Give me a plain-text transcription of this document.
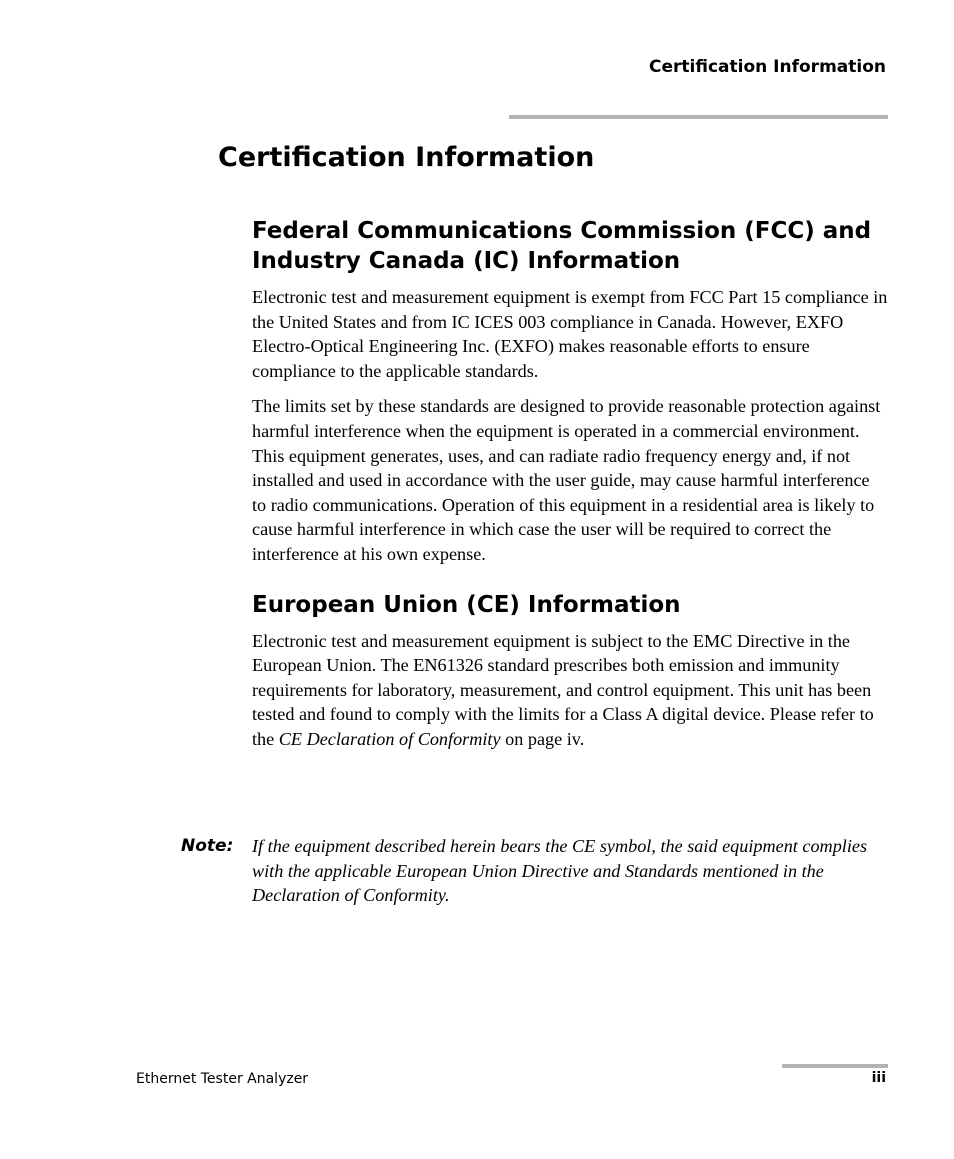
Certification Information
Certification Information
Federal Communications Commission (FCC) and
Industry Canada (IC) Information

Electronic test and measurement equipment is exempt from FCC Part 15 compliance in the United States and from IC ICES 003 compliance in Canada. However, EXFO Electro-Optical Engineering Inc. (EXFO) makes reasonable efforts to ensure compliance to the applicable standards.

The limits set by these standards are designed to provide reasonable protection against harmful interference when the equipment is operated in a commercial environment. This equipment generates, uses, and can radiate radio frequency energy and, if not installed and used in accordance with the user guide, may cause harmful interference to radio communications. Operation of this equipment in a residential area is likely to cause harmful interference in which case the user will be required to correct the interference at his own expense.

European Union (CE) Information

Electronic test and measurement equipment is subject to the EMC Directive in the European Union. The EN61326 standard prescribes both emission and immunity requirements for laboratory, measurement, and control equipment. This unit has been tested and found to comply with the limits for a Class A digital device. Please refer to the CE Declaration of Conformity on page iv.

Note: If the equipment described herein bears the CE symbol, the said equipment complies with the applicable European Union Directive and Standards mentioned in the Declaration of Conformity.

Ethernet Tester Analyzer	iii
